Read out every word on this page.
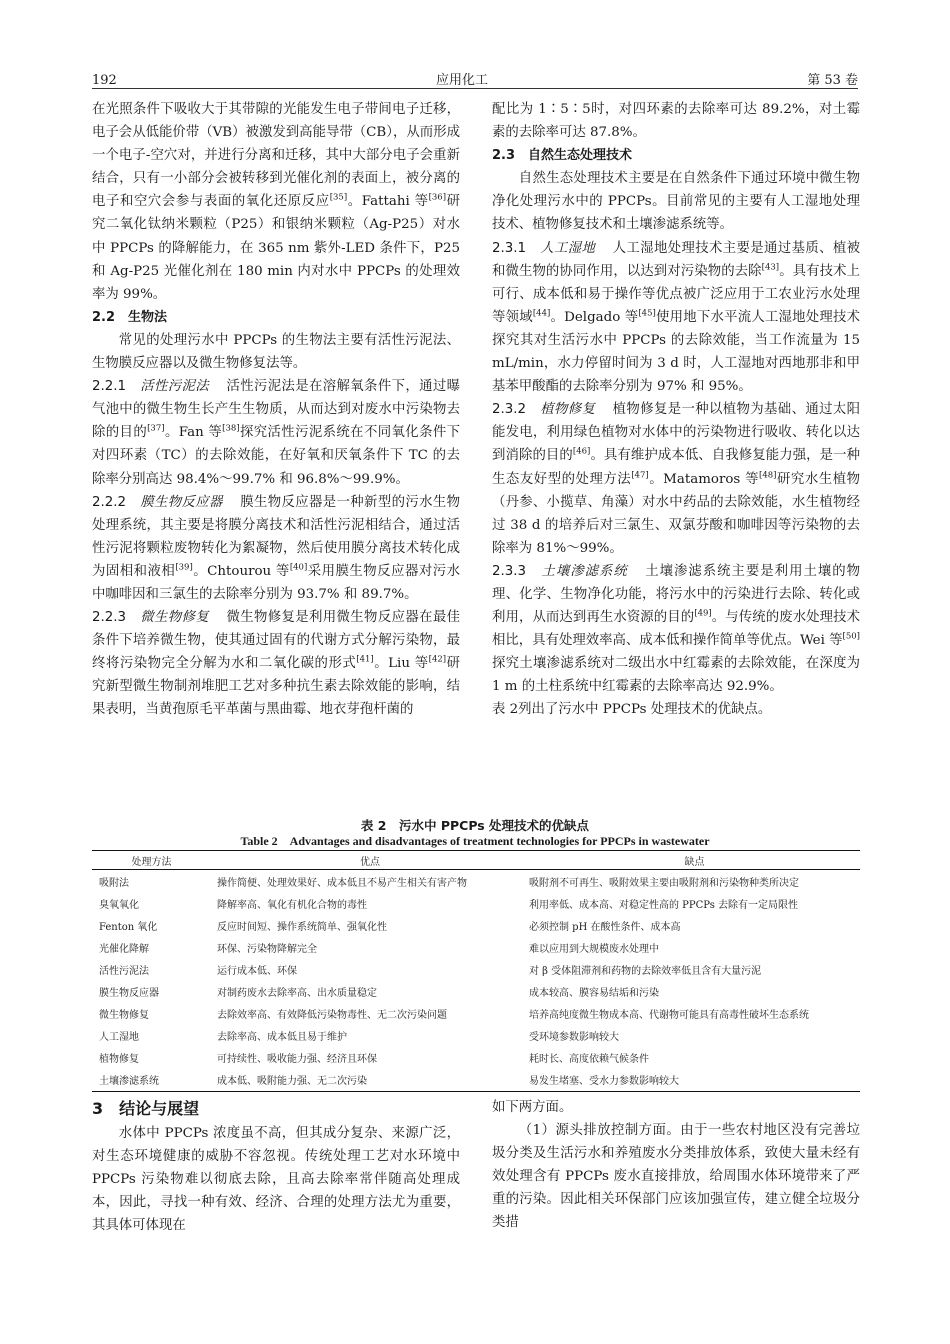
192	应用化工	第 53 卷

在光照条件下吸收大于其带隙的光能发生电子带间电子迁移，电子会从低能价带（VB）被激发到高能导带（CB），从而形成一个电子-空穴对，并进行分离和迁移，其中大部分电子会重新结合，只有一小部分会被转移到光催化剂的表面上，被分离的电子和空穴会参与表面的氧化还原反应[35]。Fattahi 等[36]研究二氧化钛纳米颗粒（P25）和银纳米颗粒（Ag-P25）对水中 PPCPs 的降解能力，在 365 nm 紫外-LED 条件下，P25 和 Ag-P25 光催化剂在 180 min 内对水中 PPCPs 的处理效率为 99%。

2.2　生物法

常见的处理污水中 PPCPs 的生物法主要有活性污泥法、生物膜反应器以及微生物修复法等。

2.2.1　 活性污泥法 活性污泥法是在溶解氧条件下，通过曝气池中的微生物生长产生生物质，从而达到对废水中污染物去除的目的[37]。Fan 等[38]探究活性污泥系统在不同氧化条件下对四环素（TC）的去除效能，在好氧和厌氧条件下 TC 的去除率分别高达 98.4%～99.7% 和 96.8%～99.9%。

2.2.2　 膜生物反应器 膜生物反应器是一种新型的污水生物处理系统，其主要是将膜分离技术和活性污泥相结合，通过活性污泥将颗粒废物转化为絮凝物，然后使用膜分离技术转化成为固相和液相[39]。Chtourou 等[40]采用膜生物反应器对污水中咖啡因和三氯生的去除率分别为 93.7% 和 89.7%。

2.2.3　 微生物修复 微生物修复是利用微生物反应器在最佳条件下培养微生物，使其通过固有的代谢方式分解污染物，最终将污染物完全分解为水和二氧化碳的形式[41]。Liu 等[42]研究新型微生物制剂堆肥工艺对多种抗生素去除效能的影响，结果表明，当黄孢原毛平革菌与黑曲霉、地衣芽孢杆菌的

配比为 1∶5∶5时，对四环素的去除率可达 89.2%，对土霉素的去除率可达 87.8%。

2.3　自然生态处理技术

自然生态处理技术主要是在自然条件下通过环境中微生物净化处理污水中的 PPCPs。目前常见的主要有人工湿地处理技术、植物修复技术和土壤渗滤系统等。

2.3.1　 人工湿地 人工湿地处理技术主要是通过基质、植被和微生物的协同作用，以达到对污染物的去除[43]。具有技术上可行、成本低和易于操作等优点被广泛应用于工农业污水处理等领域[44]。Delgado 等[45]使用地下水平流人工湿地处理技术探究其对生活污水中 PPCPs 的去除效能，当工作流量为 15 mL/min，水力停留时间为 3 d 时，人工湿地对西地那非和甲基苯甲酸酯的去除率分别为 97% 和 95%。

2.3.2　 植物修复 植物修复是一种以植物为基础、通过太阳能发电，利用绿色植物对水体中的污染物进行吸收、转化以达到消除的目的[46]。具有维护成本低、自我修复能力强，是一种生态友好型的处理方法[47]。Matamoros 等[48]研究水生植物（丹参、小揽草、角藻）对水中药品的去除效能，水生植物经过 38 d 的培养后对三氯生、双氯芬酸和咖啡因等污染物的去除率为 81%～99%。

2.3.3　 土壤渗滤系统 土壤渗滤系统主要是利用土壤的物理、化学、生物净化功能，将污水中的污染进行去除、转化或利用，从而达到再生水资源的目的[49]。与传统的废水处理技术相比，具有处理效率高、成本低和操作简单等优点。Wei 等[50]探究土壤渗滤系统对二级出水中红霉素的去除效能，在深度为 1 m 的土柱系统中红霉素的去除率高达 92.9%。

表 2列出了污水中 PPCPs 处理技术的优缺点。

表 2　污水中 PPCPs 处理技术的优缺点
Table 2　Advantages and disadvantages of treatment technologies for PPCPs in wastewater
处理方法	优点	缺点
吸附法	操作简便、处理效果好、成本低且不易产生相关有害产物	吸附剂不可再生、吸附效果主要由吸附剂和污染物种类所决定
臭氧氧化	降解率高、氧化有机化合物的毒性	利用率低、成本高、对稳定性高的 PPCPs 去除有一定局限性
Fenton 氧化	反应时间短、操作系统简单、强氧化性	必须控制 pH 在酸性条件、成本高
光催化降解	环保、污染物降解完全	难以应用到大规模废水处理中
活性污泥法	运行成本低、环保	对 β 受体阻滞剂和药物的去除效率低且含有大量污泥
膜生物反应器	对制药废水去除率高、出水质量稳定	成本较高、膜容易结垢和污染
微生物修复	去除效率高、有效降低污染物毒性、无二次污染问题	培养高纯度微生物成本高、代谢物可能具有高毒性破坏生态系统
人工湿地	去除率高、成本低且易于维护	受环境参数影响较大
植物修复	可持续性、吸收能力强、经济且环保	耗时长、高度依赖气候条件
土壤渗滤系统	成本低、吸附能力强、无二次污染	易发生堵塞、受水力参数影响较大

3　结论与展望

水体中 PPCPs 浓度虽不高，但其成分复杂、来源广泛，对生态环境健康的威胁不容忽视。传统处理工艺对水环境中 PPCPs 污染物难以彻底去除，且高去除率常伴随高处理成本，因此，寻找一种有效、经济、合理的处理方法尤为重要，其具体可体现在

如下两方面。

（1）源头排放控制方面。由于一些农村地区没有完善垃圾分类及生活污水和养殖废水分类排放体系，致使大量未经有效处理含有 PPCPs 废水直接排放，给周围水体环境带来了严重的污染。因此相关环保部门应该加强宣传，建立健全垃圾分类措
